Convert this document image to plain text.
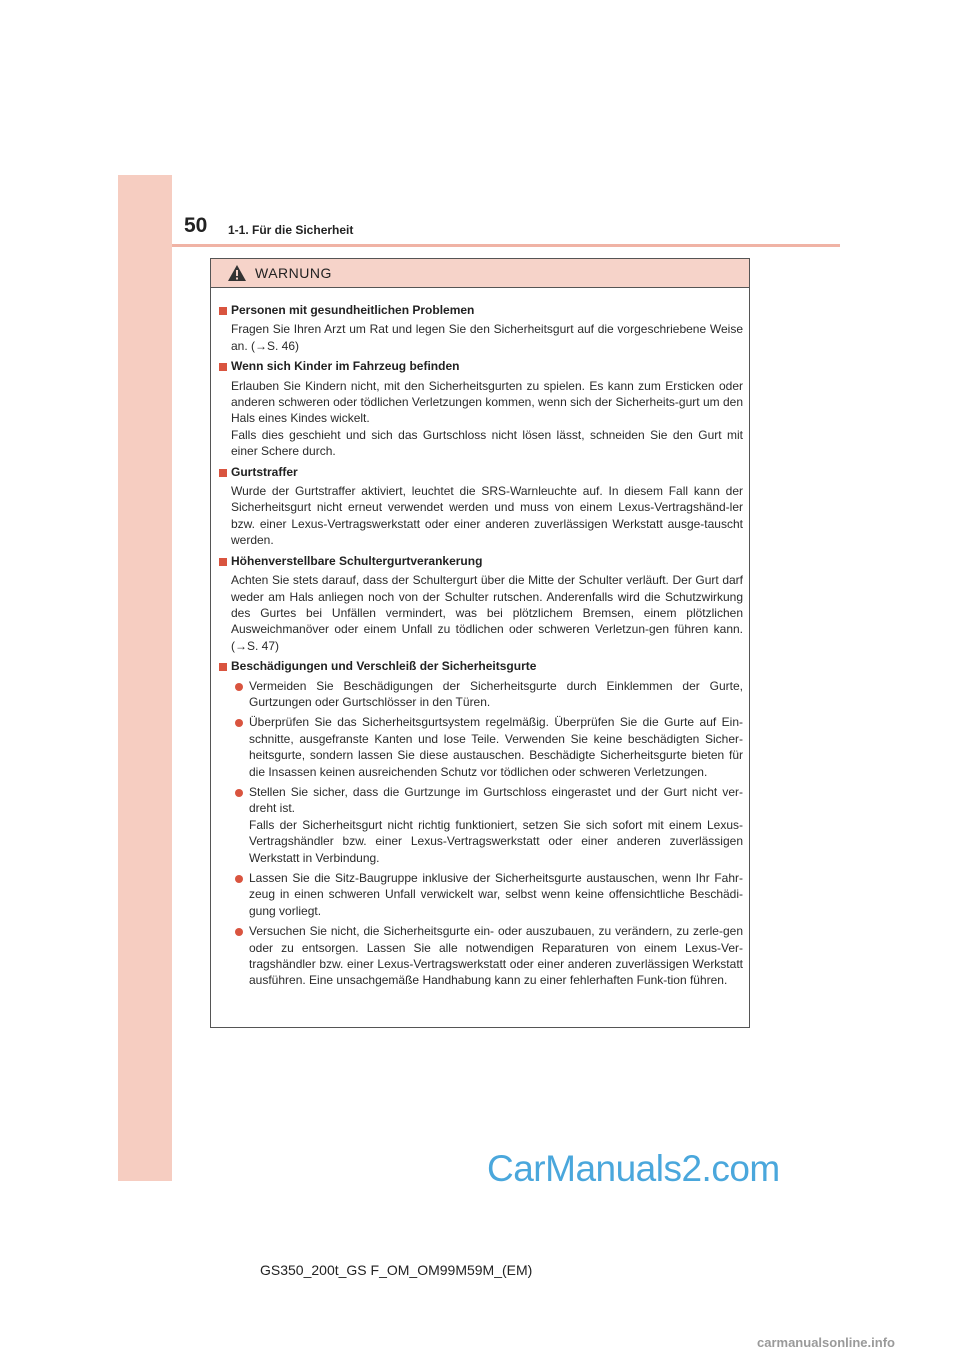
50 1-1. Für die Sicherheit
WARNUNG
Personen mit gesundheitlichen Problemen

Fragen Sie Ihren Arzt um Rat und legen Sie den Sicherheitsgurt auf die vorgeschriebene Weise an. (→S. 46)

Wenn sich Kinder im Fahrzeug befinden

Erlauben Sie Kindern nicht, mit den Sicherheitsgurten zu spielen. Es kann zum Ersticken oder anderen schweren oder tödlichen Verletzungen kommen, wenn sich der Sicherheits-gurt um den Hals eines Kindes wickelt.

Falls dies geschieht und sich das Gurtschloss nicht lösen lässt, schneiden Sie den Gurt mit einer Schere durch.

Gurtstraffer

Wurde der Gurtstraffer aktiviert, leuchtet die SRS-Warnleuchte auf. In diesem Fall kann der Sicherheitsgurt nicht erneut verwendet werden und muss von einem Lexus-Vertragshänd-ler bzw. einer Lexus-Vertragswerkstatt oder einer anderen zuverlässigen Werkstatt ausge-tauscht werden.

Höhenverstellbare Schultergurtverankerung

Achten Sie stets darauf, dass der Schultergurt über die Mitte der Schulter verläuft. Der Gurt darf weder am Hals anliegen noch von der Schulter rutschen. Anderenfalls wird die Schutzwirkung des Gurtes bei Unfällen vermindert, was bei plötzlichem Bremsen, einem plötzlichen Ausweichmanöver oder einem Unfall zu tödlichen oder schweren Verletzun-gen führen kann. (→S. 47)

Beschädigungen und Verschleiß der Sicherheitsgurte

Vermeiden Sie Beschädigungen der Sicherheitsgurte durch Einklemmen der Gurte, Gurtzungen oder Gurtschlösser in den Türen.

Überprüfen Sie das Sicherheitsgurtsystem regelmäßig. Überprüfen Sie die Gurte auf Ein-schnitte, ausgefranste Kanten und lose Teile. Verwenden Sie keine beschädigten Sicher-heitsgurte, sondern lassen Sie diese austauschen. Beschädigte Sicherheitsgurte bieten für die Insassen keinen ausreichenden Schutz vor tödlichen oder schweren Verletzungen.

Stellen Sie sicher, dass die Gurtzunge im Gurtschloss eingerastet und der Gurt nicht ver-dreht ist.

Falls der Sicherheitsgurt nicht richtig funktioniert, setzen Sie sich sofort mit einem Lexus-Vertragshändler bzw. einer Lexus-Vertragswerkstatt oder einer anderen zuverlässigen Werkstatt in Verbindung.

Lassen Sie die Sitz-Baugruppe inklusive der Sicherheitsgurte austauschen, wenn Ihr Fahr-zeug in einen schweren Unfall verwickelt war, selbst wenn keine offensichtliche Beschädi-gung vorliegt.

Versuchen Sie nicht, die Sicherheitsgurte ein- oder auszubauen, zu verändern, zu zerle-gen oder zu entsorgen. Lassen Sie alle notwendigen Reparaturen von einem Lexus-Ver-tragshändler bzw. einer Lexus-Vertragswerkstatt oder einer anderen zuverlässigen Werkstatt ausführen. Eine unsachgemäße Handhabung kann zu einer fehlerhaften Funk-tion führen.

CarManuals2.com
GS350_200t_GS F_OM_OM99M59M_(EM)
carmanualsonline.info
